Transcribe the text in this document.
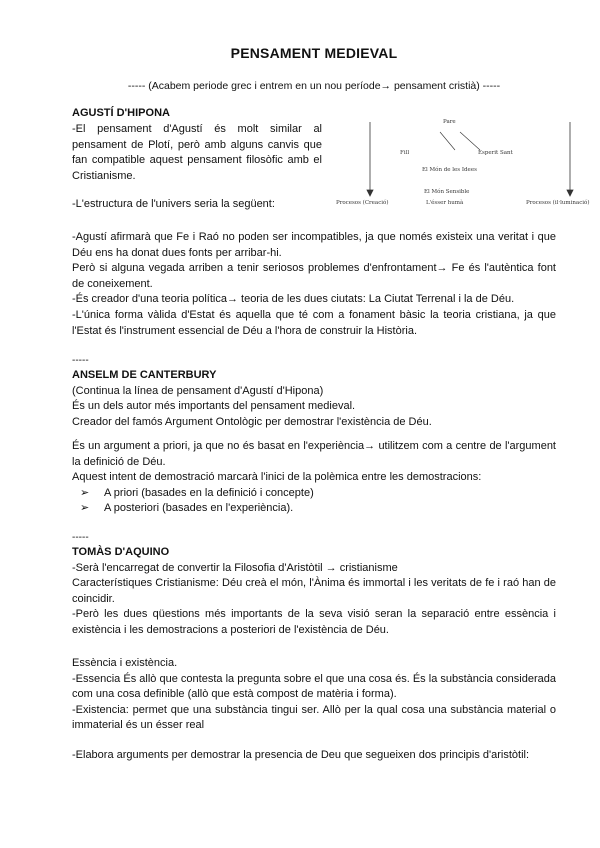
PENSAMENT MEDIEVAL
----- (Acabem periode grec i entrem en un nou període→ pensament cristià) -----

AGUSTÍ D'HIPONA

-El pensament d'Agustí és molt similar al pensament de Plotí, però amb alguns canvis que fan compatible aquest pensament filosòfic amb el Cristianisme.

-L'estructura de l'univers seria la següent:

Pare
Fill	Esperit Sant
El Món de les Idees
El Món Sensible
Procesos (Creació)	L'ésser humà	Procesos (il·luminació)

-Agustí afirmarà que Fe i Raó no poden ser incompatibles, ja que només existeix una veritat i que Déu ens ha donat dues fonts per arribar-hi.

Però si alguna vegada arriben a tenir seriosos problemes d'enfrontament→ Fe és l'autèntica font de coneixement.

-És creador d'una teoria política→ teoria de les dues ciutats: La Ciutat Terrenal i la de Déu.

-L'única forma vàlida d'Estat és aquella que té com a fonament bàsic la teoria cristiana, ja que l'Estat és l'instrument essencial de Déu a l'hora de construir la Història.

-----

ANSELM DE CANTERBURY

(Continua la línea de pensament d'Agustí d'Hipona)

És un dels autor més importants del pensament medieval.

Creador del famós Argument Ontològic per demostrar l'existència de Déu.

És un argument a priori, ja que no és basat en l'experiència→ utilitzem com a centre de l'argument la definició de Déu.

Aquest intent de demostració marcarà l'inici de la polèmica entre les demostracions:

➢ A priori (basades en la definició i concepte)
➢ A posteriori (basades en l'experiència).

-----

TOMÀS D'AQUINO

-Serà l'encarregat de convertir la Filosofia d'Aristòtil → cristianisme

Característiques Cristianisme: Déu creà el món, l'Ànima és immortal i les veritats de fe i raó han de coincidir.

-Però les dues qüestions més importants de la seva visió seran la separació entre essència i existència i les demostracions a posteriori de l'existència de Déu.

Essència i existència.

-Essencia És allò que contesta la pregunta sobre el que una cosa és. És la substància considerada com una cosa definible (allò que està compost de matèria i forma).

-Existencia: permet que una substància tingui ser. Allò per la qual cosa una substància material o immaterial és un ésser real

-Elabora arguments per demostrar la presencia de Deu que segueixen dos principis d'aristòtil:
